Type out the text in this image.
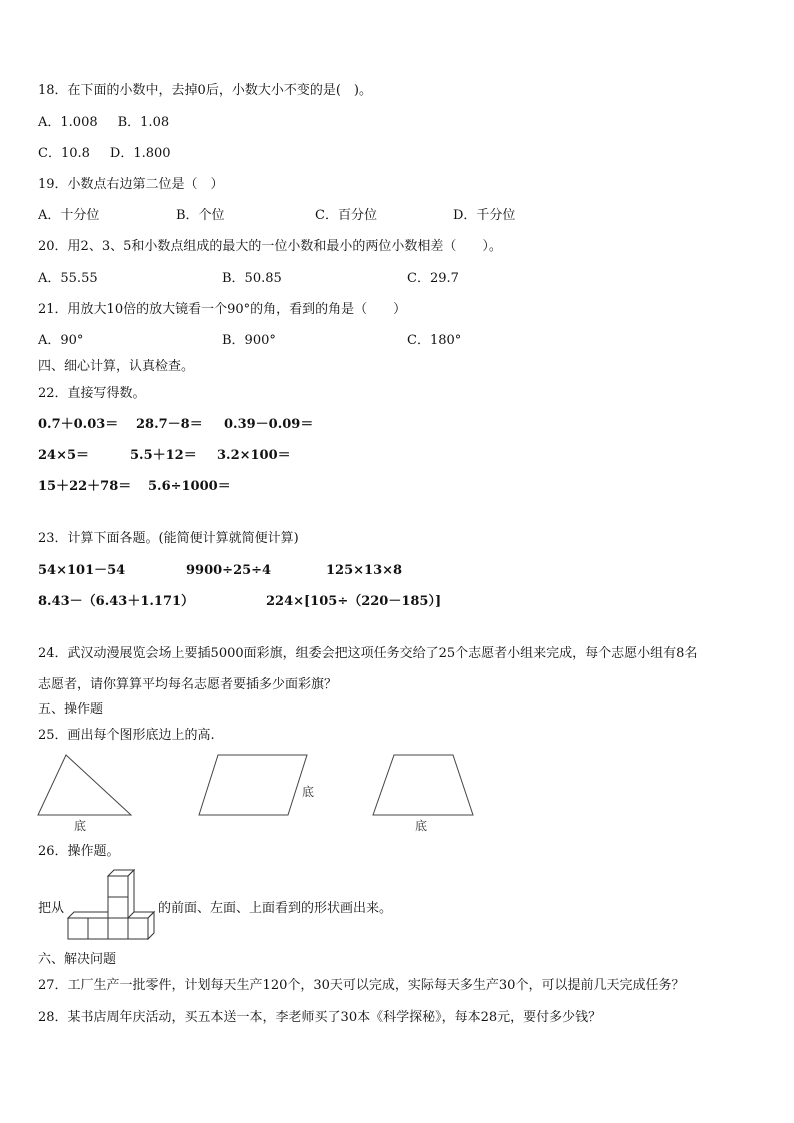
18．在下面的小数中，去掉0后，小数大小不变的是(　)。
A．1.008 B．1.08
C．10.8 D．1.800
19．小数点右边第二位是（　）
A．十分位	B．个位	C．百分位	D．千分位
20．用2、3、5和小数点组成的最大的一位小数和最小的两位小数相差（　　）。
A．55.55	B．50.85	C．29.7
21．用放大10倍的放大镜看一个90°的角，看到的角是（　　）
A．90°	B．900°	C．180°
四、细心计算，认真检查。
22．直接写得数。
0.7＋0.03＝ 28.7－8＝ 0.39－0.09＝
24×5＝	5.5＋12＝ 3.2×100＝
15＋22＋78＝ 5.6÷1000＝
23．计算下面各题。(能简便计算就简便计算)
54×101－54	9900÷25÷4	125×13×8
8.43－（6.43＋1.171）	224×[105÷（220－185）]
24．武汉动漫展览会场上要插5000面彩旗，组委会把这项任务交给了25个志愿者小组来完成，每个志愿小组有8名
志愿者，请你算算平均每名志愿者要插多少面彩旗？
五、操作题
25．画出每个图形底边上的高.
底
底
底
26．操作题。
把从	的前面、左面、上面看到的形状画出来。
六、解决问题
27．工厂生产一批零件，计划每天生产120个，30天可以完成，实际每天多生产30个，可以提前几天完成任务？
28．某书店周年庆活动，买五本送一本，李老师买了30本《科学探秘》，每本28元，要付多少钱？
